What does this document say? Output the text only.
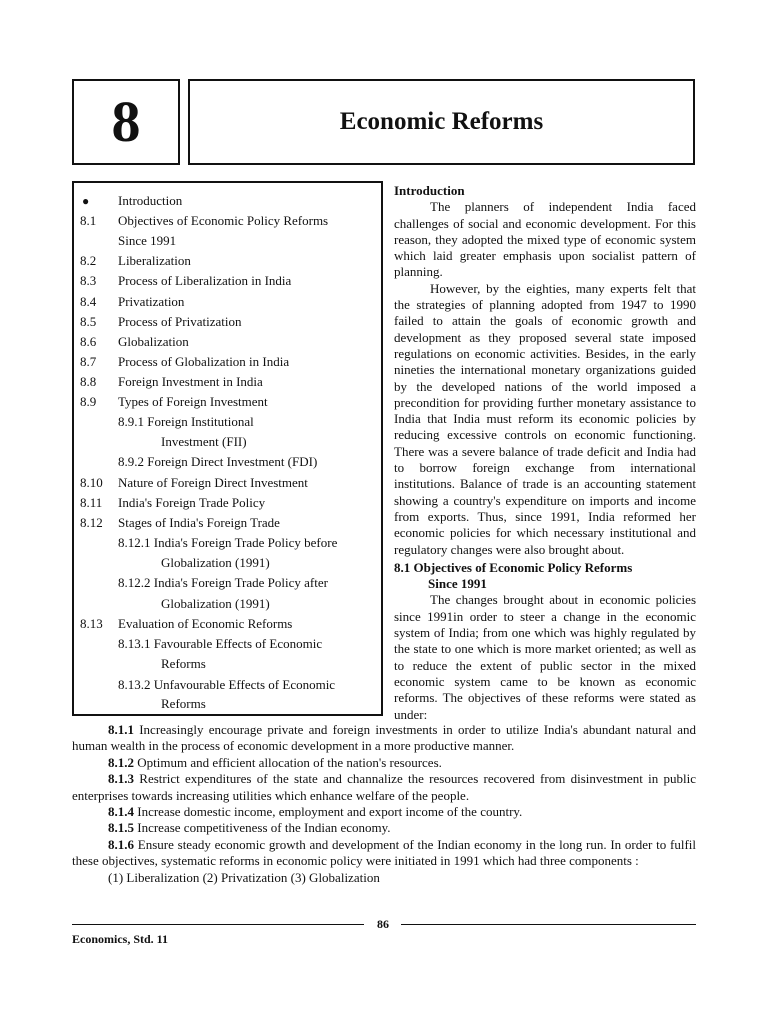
8	Economic Reforms
● Introduction
8.1 Objectives of Economic Policy Reforms
Since 1991
8.2 Liberalization
8.3 Process of Liberalization in India
8.4 Privatization
8.5 Process of Privatization
8.6 Globalization
8.7 Process of Globalization in India
8.8 Foreign Investment in India
8.9 Types of Foreign Investment
8.9.1 Foreign Institutional
Investment (FII)
8.9.2 Foreign Direct Investment (FDI)
8.10 Nature of Foreign Direct Investment
8.11 India's Foreign Trade Policy
8.12 Stages of India's Foreign Trade
8.12.1 India's Foreign Trade Policy before
Globalization (1991)
8.12.2 India's Foreign Trade Policy after
Globalization (1991)
8.13 Evaluation of Economic Reforms
8.13.1 Favourable Effects of Economic
Reforms
8.13.2 Unfavourable Effects of Economic
Reforms

Introduction

The planners of independent India faced challenges of social and economic development. For this reason, they adopted the mixed type of economic system which laid greater emphasis upon socialist pattern of planning.

However, by the eighties, many experts felt that the strategies of planning adopted from 1947 to 1990 failed to attain the goals of economic growth and development as they proposed several state imposed regulations on economic activities. Besides, in the early nineties the international monetary organizations guided by the developed nations of the world imposed a precondition for providing further monetary assistance to India that India must reform its economic policies by reducing excessive controls on economic functioning. There was a severe balance of trade deficit and India had to borrow foreign exchange from international institutions. Balance of trade is an accounting statement showing a country's expenditure on imports and income from exports. Thus, since 1991, India reformed her economic policies for which necessary institutional and regulatory changes were also brought about.

8.1 Objectives of Economic Policy Reforms

Since 1991

The changes brought about in economic policies since 1991in order to steer a change in the economic system of India; from one which was highly regulated by the state to one which is more market oriented; as well as to reduce the extent of public sector in the mixed economic system came to be known as economic reforms. The objectives of these reforms were stated as under:

8.1.1 Increasingly encourage private and foreign investments in order to utilize India's abundant natural and human wealth in the process of economic development in a more productive manner.

8.1.2 Optimum and efficient allocation of the nation's resources.

8.1.3 Restrict expenditures of the state and channalize the resources recovered from disinvestment in public enterprises towards increasing utilities which enhance welfare of the people.

8.1.4 Increase domestic income, employment and export income of the country.

8.1.5 Increase competitiveness of the Indian economy.

8.1.6 Ensure steady economic growth and development of the Indian economy in the long run. In order to fulfil these objectives, systematic reforms in economic policy were initiated in 1991 which had three components :

(1) Liberalization (2) Privatization (3) Globalization

86
Economics, Std. 11
